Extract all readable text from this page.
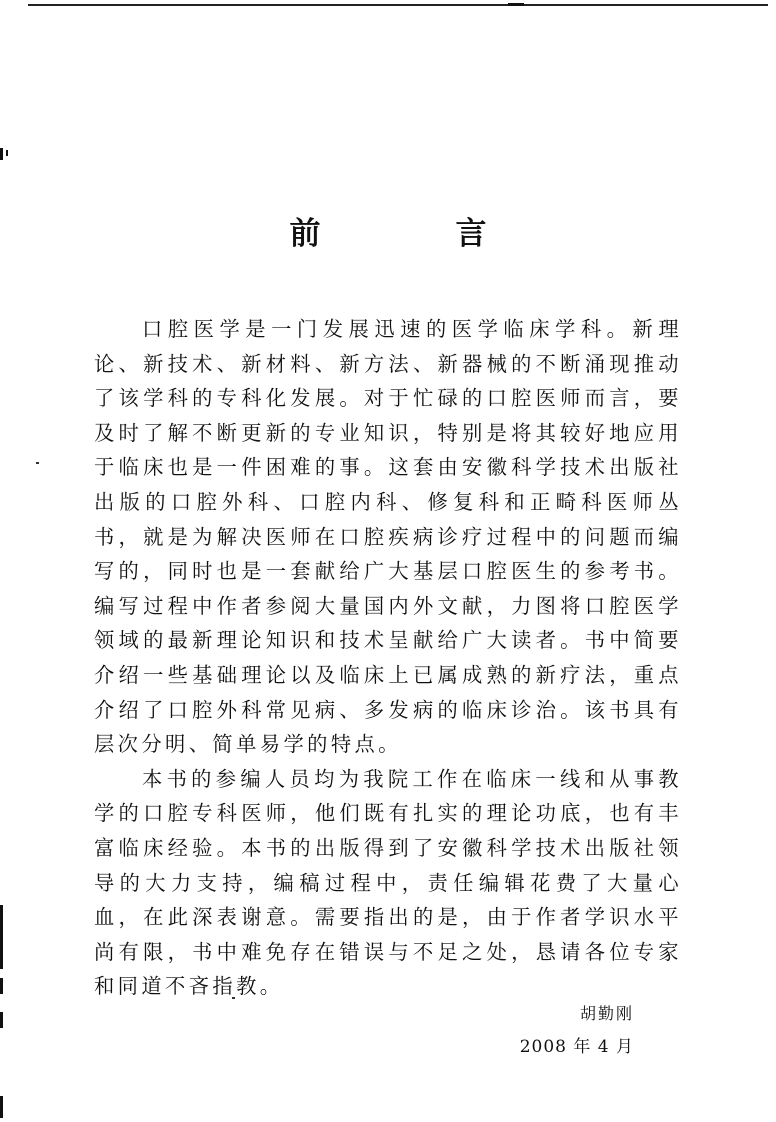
前　言

口腔医学是一门发展迅速的医学临床学科。新理论、新技术、新材料、新方法、新器械的不断涌现推动了该学科的专科化发展。对于忙碌的口腔医师而言，要及时了解不断更新的专业知识，特别是将其较好地应用于临床也是一件困难的事。这套由安徽科学技术出版社出版的口腔外科、口腔内科、修复科和正畸科医师丛书，就是为解决医师在口腔疾病诊疗过程中的问题而编写的，同时也是一套献给广大基层口腔医生的参考书。编写过程中作者参阅大量国内外文献，力图将口腔医学领域的最新理论知识和技术呈献给广大读者。书中简要介绍一些基础理论以及临床上已属成熟的新疗法，重点介绍了口腔外科常见病、多发病的临床诊治。该书具有层次分明、简单易学的特点。

本书的参编人员均为我院工作在临床一线和从事教学的口腔专科医师，他们既有扎实的理论功底，也有丰富临床经验。本书的出版得到了安徽科学技术出版社领导的大力支持，编稿过程中，责任编辑花费了大量心血，在此深表谢意。需要指出的是，由于作者学识水平尚有限，书中难免存在错误与不足之处，恳请各位专家和同道不吝指教。

胡勤刚
2008 年 4 月
